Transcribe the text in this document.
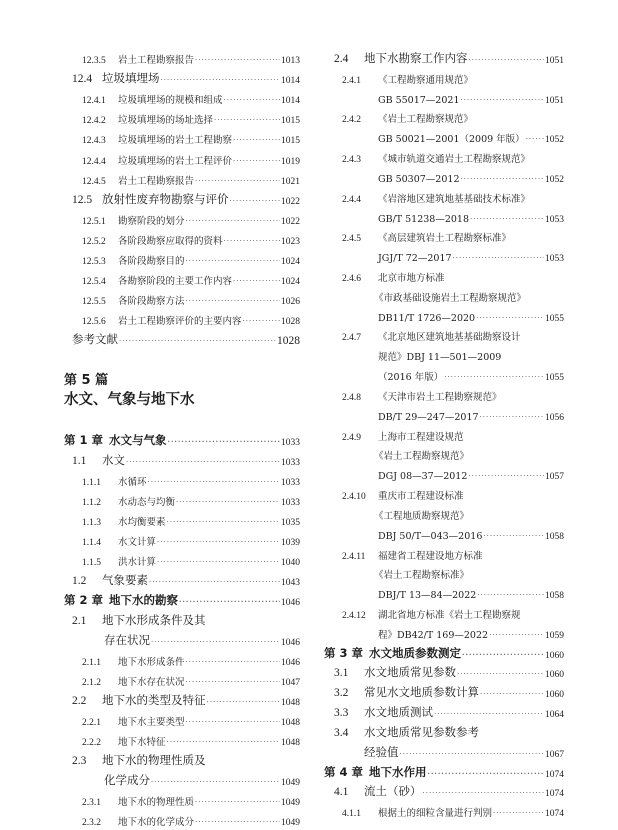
12.3.5 岩土工程勘察报告 ·····	1013
12.4 垃圾填埋场 ·····	1014
12.4.1 垃圾填埋场的规模和组成 ·····	1014
12.4.2 垃圾填埋场的场址选择 ·····	1015
12.4.3 垃圾填埋场的岩土工程勘察 ·····	1015
12.4.4 垃圾填埋场的岩土工程评价 ·····	1019
12.4.5 岩土工程勘察报告 ·····	1021
12.5 放射性废弃物勘察与评价 ·····	1022
12.5.1 勘察阶段的划分 ·····	1022
12.5.2 各阶段勘察应取得的资料 ·····	1023
12.5.3 各阶段勘察目的 ·····	1024
12.5.4 各勘察阶段的主要工作内容 ·····	1024
12.5.5 各阶段勘察方法 ·····	1026
12.5.6 岩土工程勘察评价的主要内容 ·····	1028
参考文献 ·····	1028
第 1 章 水文与气象 ·····	1033
1.1 水文 ·····	1033
1.1.1 水循环 ·····	1033
1.1.2 水动态与均衡 ·····	1033
1.1.3 水均衡要素 ·····	1035
1.1.4 水文计算 ·····	1039
1.1.5 洪水计算 ·····	1040
1.2 气象要素 ·····	1043
第 2 章 地下水的勘察 ·····	1046
2.1 地下水形成条件及其
存在状况 ·····	1046
2.1.1 地下水形成条件 ·····	1046
2.1.2 地下水存在状况 ·····	1047
2.2 地下水的类型及特征 ·····	1048
2.2.1 地下水主要类型 ·····	1048
2.2.2 地下水特征 ·····	1048
2.3 地下水的物理性质及
化学成分 ·····	1049
2.3.1 地下水的物理性质 ·····	1049
2.3.2 地下水的化学成分 ·····	1049
第 5 篇
水文、气象与地下水
2.4 地下水勘察工作内容 ·····	1051
2.4.1 《工程勘察通用规范》
GB 55017—2021 ·····	1051
2.4.2 《岩土工程勘察规范》
GB 50021—2001（2009 年版） ····· 1052
2.4.3 《城市轨道交通岩土工程勘察规范》
GB 50307—2012 ·····	1052
2.4.4 《岩溶地区建筑地基基础技术标准》
GB/T 51238—2018 ·····	1053
2.4.5 《高层建筑岩土工程勘察标准》
JGJ/T 72—2017 ·····	1053
2.4.6 北京市地方标准
《市政基础设施岩土工程勘察规范》
DB11/T 1726—2020 ·····	1055
2.4.7 《北京地区建筑地基基础勘察设计
规范》DBJ 11—501—2009
（2016 年版） ·····	1055
2.4.8 《天津市岩土工程勘察规范》
DB/T 29—247—2017 ·····	1056
2.4.9 上海市工程建设规范
《岩土工程勘察规范》
DGJ 08—37—2012 ·····	1057
2.4.10 重庆市工程建设标准
《工程地质勘察规范》
DBJ 50/T—043—2016 ·····	1058
2.4.11 福建省工程建设地方标准
《岩土工程勘察标准》
DBJ/T 13—84—2022 ·····	1058
2.4.12 湖北省地方标准《岩土工程勘察规
程》DB42/T 169—2022 ·····	1059
第 3 章 水文地质参数测定 ·····	1060
3.1 水文地质常见参数 ·····	1060
3.2 常见水文地质参数计算 ·····	1060
3.3 水文地质测试 ·····	1064
3.4 水文地质常见参数参考
经验值 ·····	1067
第 4 章 地下水作用 ·····	1074
4.1 流土（砂） ·····	1074
4.1.1 根据土的细粒含量进行判别 ·····	1074
